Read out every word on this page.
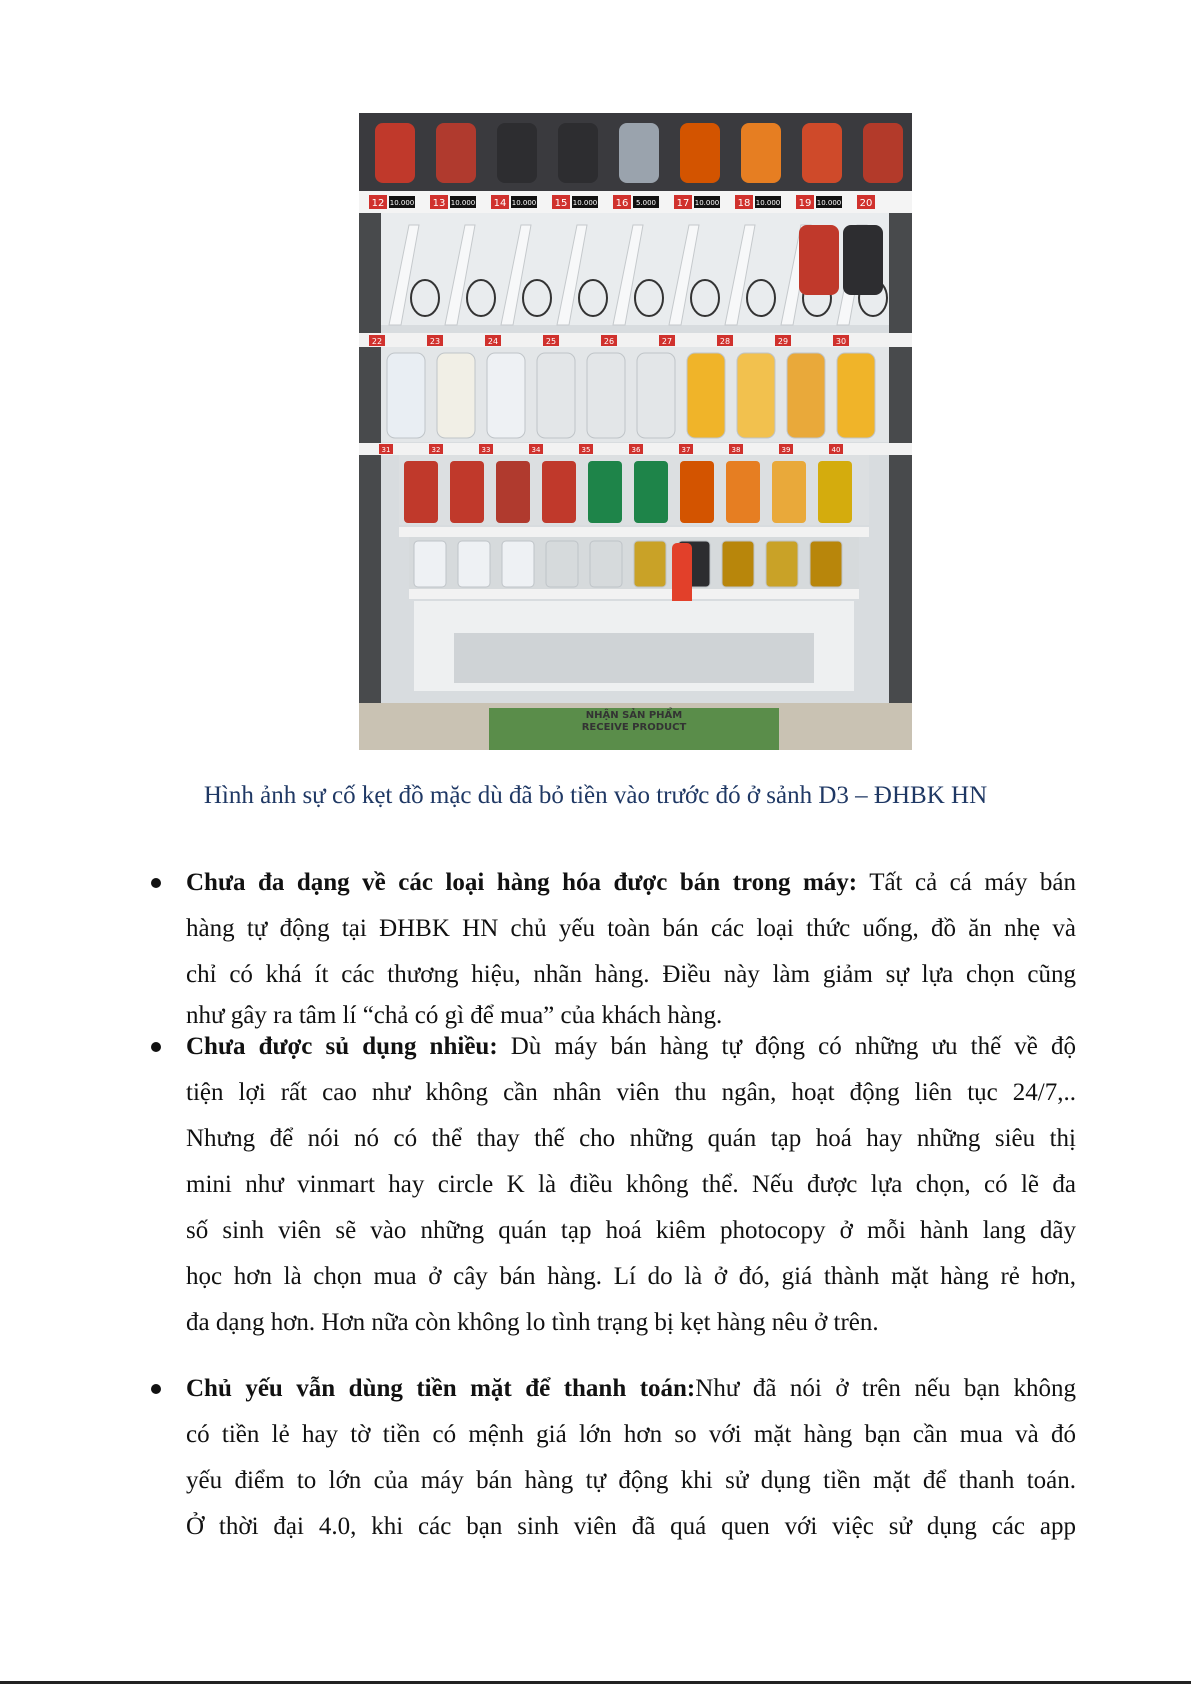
12 10.000 13 10.000 14 10.000 15 10.000 16 5.000 17 10.000 18 10.000 19 10.000 20
22	23	24	25	26	27	28	29	30
31	32	33	34	35	36	37	38	39	40
NHẬN SẢN PHẨM
RECEIVE PRODUCT
Hình ảnh sự cố kẹt đồ mặc dù đã bỏ tiền vào trước đó ở sảnh D3 – ĐHBK HN
Chưa đa dạng về các loại hàng hóa được bán trong máy: Tất cả cá máy bán
hàng tự động tại ĐHBK HN chủ yếu toàn bán các loại thức uống, đồ ăn nhẹ và
chỉ có khá ít các thương hiệu, nhãn hàng. Điều này làm giảm sự lựa chọn cũng
như gây ra tâm lí “chả có gì để mua” của khách hàng.
Chưa được sủ dụng nhiều: Dù máy bán hàng tự động có những ưu thế về độ
tiện lợi rất cao như không cần nhân viên thu ngân, hoạt động liên tục 24/7,..
Nhưng để nói nó có thể thay thế cho những quán tạp hoá hay những siêu thị
mini như vinmart hay circle K là điều không thể. Nếu được lựa chọn, có lẽ đa
số sinh viên sẽ vào những quán tạp hoá kiêm photocopy ở mỗi hành lang dãy
học hơn là chọn mua ở cây bán hàng. Lí do là ở đó, giá thành mặt hàng rẻ hơn,
đa dạng hơn. Hơn nữa còn không lo tình trạng bị kẹt hàng nêu ở trên.
Chủ yếu vẫn dùng tiền mặt để thanh toán:Như đã nói ở trên nếu bạn không
có tiền lẻ hay tờ tiền có mệnh giá lớn hơn so với mặt hàng bạn cần mua và đó
yếu điểm to lớn của máy bán hàng tự động khi sử dụng tiền mặt để thanh toán.
Ở thời đại 4.0, khi các bạn sinh viên đã quá quen với việc sử dụng các app
